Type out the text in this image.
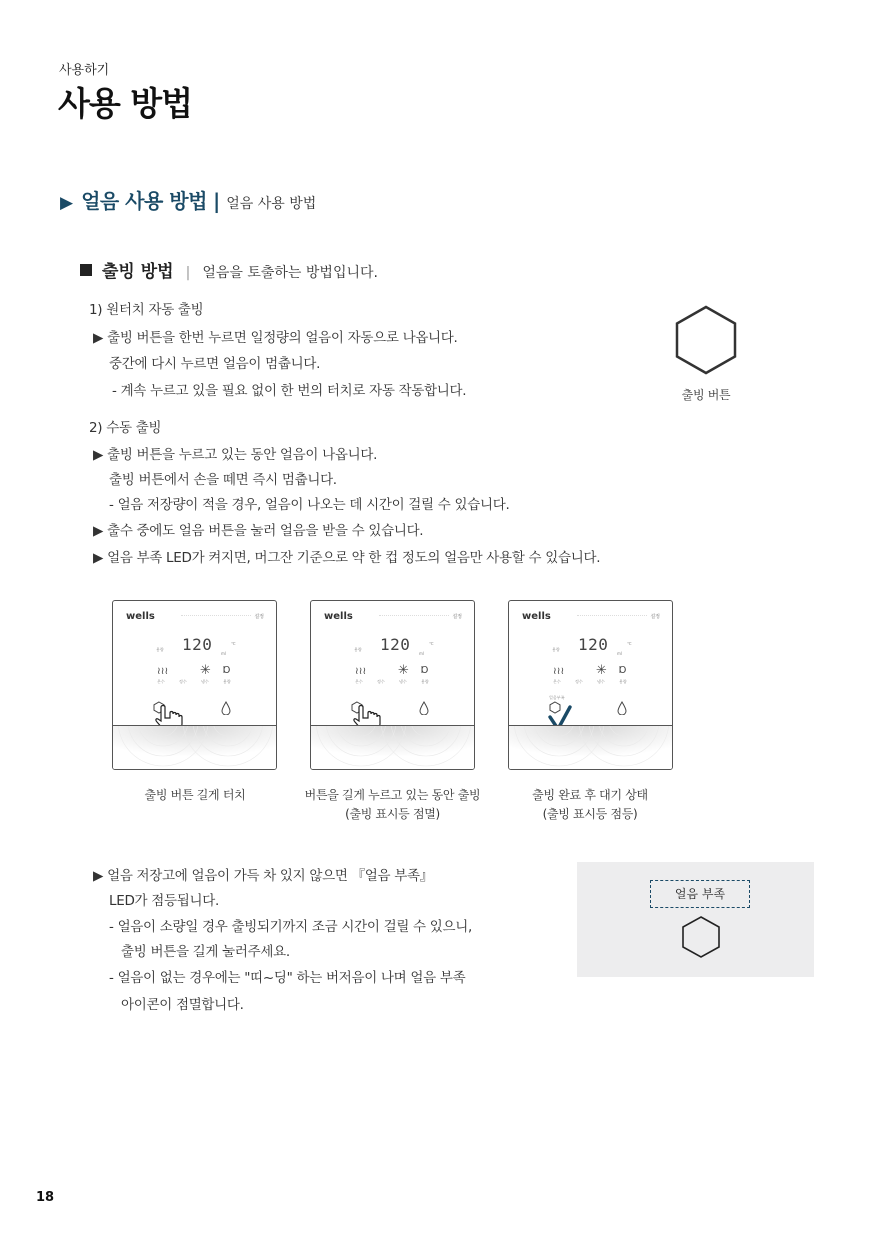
사용하기
사용 방법
▶ 얼음 사용 방법 | 얼음 사용 방법
출빙 방법 | 얼음을 토출하는 방법입니다.
1) 원터치 자동 출빙
▶ 출빙 버튼을 한번 누르면 일정량의 얼음이 자동으로 나옵니다.
중간에 다시 누르면 얼음이 멈춥니다.
- 계속 누르고 있을 필요 없이 한 번의 터치로 자동 작동합니다.	출빙 버튼
2) 수동 출빙
▶ 출빙 버튼을 누르고 있는 동안 얼음이 나옵니다.
출빙 버튼에서 손을 떼면 즉시 멈춥니다.
- 얼음 저장량이 적을 경우, 얼음이 나오는 데 시간이 걸릴 수 있습니다.
▶ 출수 중에도 얼음 버튼을 눌러 얼음을 받을 수 있습니다.
▶ 얼음 부족 LED가 켜지면, 머그잔 기준으로 약 한 컵 정도의 얼음만 사용할 수 있습니다.
wells	설정
용량 120 ml
℃
≀≀≀
온수	정수
✳
냉수
Ɒ
용량
wells	설정
용량 120 ml
℃
≀≀≀
온수	정수
✳
냉수
Ɒ
용량
wells	설정
용량 120 ml
℃
≀≀≀
온수	정수
✳
냉수
Ɒ
용량
얼음부족
출빙 버튼 길게 터치	버튼을 길게 누르고 있는 동안 출빙
(출빙 표시등 점멸)
출빙 완료 후 대기 상태
(출빙 표시등 점등)
▶ 얼음 저장고에 얼음이 가득 차 있지 않으면 『얼음 부족』
LED가 점등됩니다.
- 얼음이 소량일 경우 출빙되기까지 조금 시간이 걸릴 수 있으니,
출빙 버튼을 길게 눌러주세요.
- 얼음이 없는 경우에는 "띠~딩" 하는 버저음이 나며 얼음 부족
아이콘이 점멸합니다.
얼음 부족
18
